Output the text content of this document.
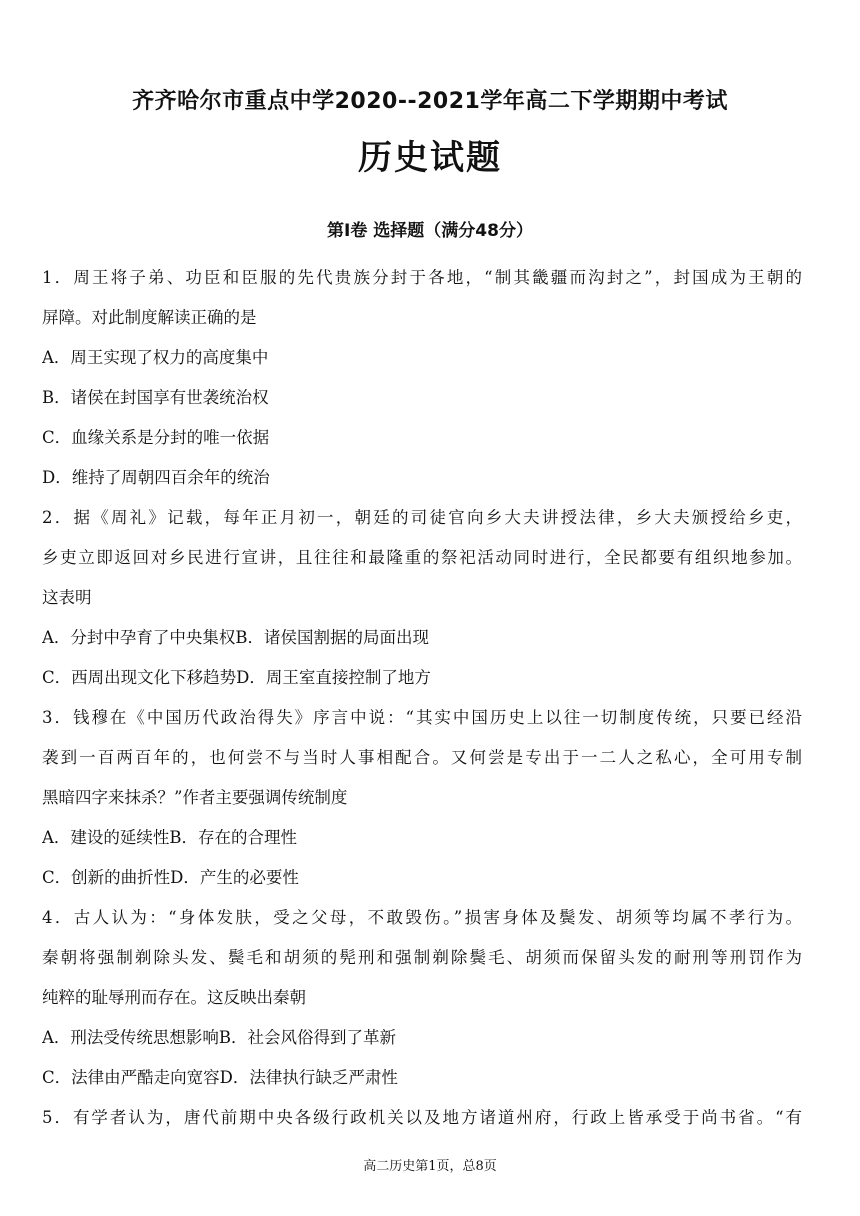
齐齐哈尔市重点中学2020--2021学年高二下学期期中考试
历史试题
第Ⅰ卷 选择题（满分48分）
1．周王将子弟、功臣和臣服的先代贵族分封于各地，“制其畿疆而沟封之”，封国成为王朝的
屏障。对此制度解读正确的是
A．周王实现了权力的高度集中
B．诸侯在封国享有世袭统治权
C．血缘关系是分封的唯一依据
D．维持了周朝四百余年的统治
2．据《周礼》记载，每年正月初一，朝廷的司徒官向乡大夫讲授法律，乡大夫颁授给乡吏，
乡吏立即返回对乡民进行宣讲，且往往和最隆重的祭祀活动同时进行，全民都要有组织地参加。
这表明
A．分封中孕育了中央集权B．诸侯国割据的局面出现
C．西周出现文化下移趋势D．周王室直接控制了地方
3．钱穆在《中国历代政治得失》序言中说：“其实中国历史上以往一切制度传统，只要已经沿
袭到一百两百年的，也何尝不与当时人事相配合。又何尝是专出于一二人之私心，全可用专制
黑暗四字来抹杀？”作者主要强调传统制度
A．建设的延续性B．存在的合理性
C．创新的曲折性D．产生的必要性
4．古人认为：“身体发肤，受之父母，不敢毁伤。”损害身体及鬓发、胡须等均属不孝行为。
秦朝将强制剃除头发、鬓毛和胡须的髡刑和强制剃除鬓毛、胡须而保留头发的耐刑等刑罚作为
纯粹的耻辱刑而存在。这反映出秦朝
A．刑法受传统思想影响B．社会风俗得到了革新
C．法律由严酷走向宽容D．法律执行缺乏严肃性
5．有学者认为，唐代前期中央各级行政机关以及地方诸道州府，行政上皆承受于尚书省。“有
高二历史第1页，总8页
